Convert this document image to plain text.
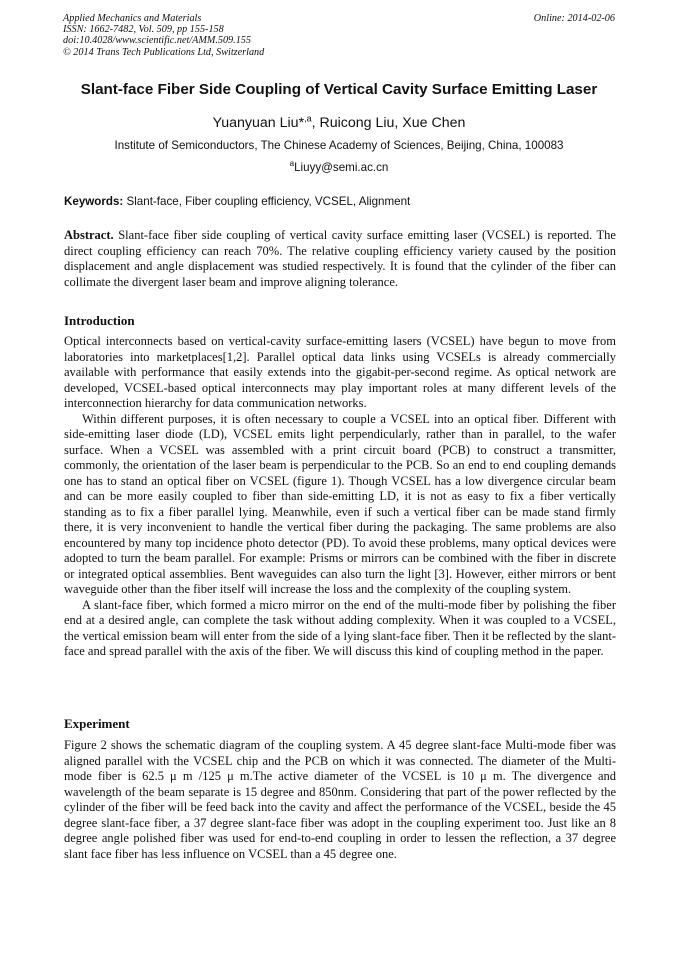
Applied Mechanics and Materials
ISSN: 1662-7482, Vol. 509, pp 155-158
doi:10.4028/www.scientific.net/AMM.509.155
© 2014 Trans Tech Publications Ltd, Switzerland
Online: 2014-02-06
Slant-face Fiber Side Coupling of Vertical Cavity Surface Emitting Laser
Yuanyuan Liu*$^{,a}$, Ruicong Liu, Xue Chen
Institute of Semiconductors, The Chinese Academy of Sciences, Beijing, China, 100083
$^a$Liuyy@semi.ac.cn
Keywords: Slant-face, Fiber coupling efficiency, VCSEL, Alignment

Abstract. Slant-face fiber side coupling of vertical cavity surface emitting laser (VCSEL) is reported. The direct coupling efficiency can reach 70%. The relative coupling efficiency variety caused by the position displacement and angle displacement was studied respectively. It is found that the cylinder of the fiber can collimate the divergent laser beam and improve aligning tolerance.

Introduction

Optical interconnects based on vertical-cavity surface-emitting lasers (VCSEL) have begun to move from laboratories into marketplaces[1,2]. Parallel optical data links using VCSELs is already commercially available with performance that easily extends into the gigabit-per-second regime. As optical network are developed, VCSEL-based optical interconnects may play important roles at many different levels of the interconnection hierarchy for data communication networks.

Within different purposes, it is often necessary to couple a VCSEL into an optical fiber. Different with side-emitting laser diode (LD), VCSEL emits light perpendicularly, rather than in parallel, to the wafer surface. When a VCSEL was assembled with a print circuit board (PCB) to construct a transmitter, commonly, the orientation of the laser beam is perpendicular to the PCB. So an end to end coupling demands one has to stand an optical fiber on VCSEL (figure 1). Though VCSEL has a low divergence circular beam and can be more easily coupled to fiber than side-emitting LD, it is not as easy to fix a fiber vertically standing as to fix a fiber parallel lying. Meanwhile, even if such a vertical fiber can be made stand firmly there, it is very inconvenient to handle the vertical fiber during the packaging. The same problems are also encountered by many top incidence photo detector (PD). To avoid these problems, many optical devices were adopted to turn the beam parallel. For example: Prisms or mirrors can be combined with the fiber in discrete or integrated optical assemblies. Bent waveguides can also turn the light [3]. However, either mirrors or bent waveguide other than the fiber itself will increase the loss and the complexity of the coupling system.

A slant-face fiber, which formed a micro mirror on the end of the multi-mode fiber by polishing the fiber end at a desired angle, can complete the task without adding complexity. When it was coupled to a VCSEL, the vertical emission beam will enter from the side of a lying slant-face fiber. Then it be reflected by the slant-face and spread parallel with the axis of the fiber. We will discuss this kind of coupling method in the paper.

Experiment

Figure 2 shows the schematic diagram of the coupling system. A 45 degree slant-face Multi-mode fiber was aligned parallel with the VCSEL chip and the PCB on which it was connected. The diameter of the Multi-mode fiber is 62.5 μ m /125 μ m.The active diameter of the VCSEL is 10 μ m. The divergence and wavelength of the beam separate is 15 degree and 850nm. Considering that part of the power reflected by the cylinder of the fiber will be feed back into the cavity and affect the performance of the VCSEL, beside the 45 degree slant-face fiber, a 37 degree slant-face fiber was adopt in the coupling experiment too. Just like an 8 degree angle polished fiber was used for end-to-end coupling in order to lessen the reflection, a 37 degree slant face fiber has less influence on VCSEL than a 45 degree one.
